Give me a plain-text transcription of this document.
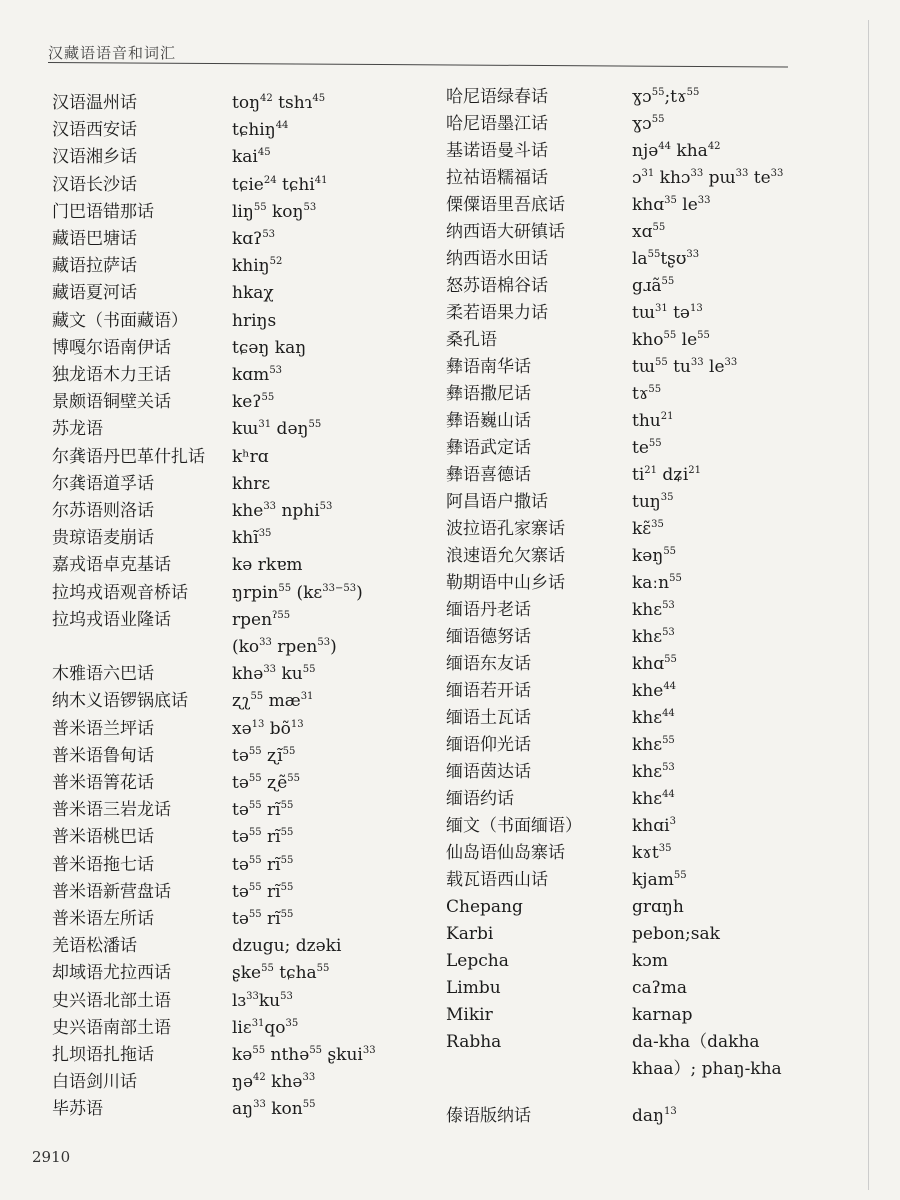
汉藏语语音和词汇
汉语温州话	toŋ$^{42}$ tshɿ$^{45}$
汉语西安话	tɕhiŋ$^{44}$
汉语湘乡话	kai$^{45}$
汉语长沙话	tɕie$^{24}$ tɕhi$^{41}$
门巴语错那话	liŋ$^{55}$ koŋ$^{53}$
藏语巴塘话	kɑʔ$^{53}$
藏语拉萨话	khiŋ$^{52}$
藏语夏河话	hkaχ
藏文（书面藏语）	hriŋs
博嘎尔语南伊话	tɕəŋ kaŋ
独龙语木力王话	kɑm$^{53}$
景颇语铜壁关话	keʔ$^{55}$
苏龙语	kɯ$^{31}$ dəŋ$^{55}$
尔龚语丹巴革什扎话 kʰrɑ
尔龚语道孚话	khrɛ
尔苏语则洛话	khe$^{33}$ nphi$^{53}$
贵琼语麦崩话	khĩ$^{35}$
嘉戎语卓克基话	kə rkɐm
拉坞戎语观音桥话	ŋrpin$^{55}$ (kɛ$^{33-53}$)
拉坞戎语业隆话	rpen$^{ʔ55}$
($ko^{33}$ rpen$^{53}$)
木雅语六巴话	khə$^{33}$ $ku^{55}$
纳木义语锣锅底话	ʐʅ$^{55}$ $mæ^{31}$
普米语兰坪话	xə$^{13}$ $bõ^{13}$
普米语鲁甸话	tə$^{55}$ ʐĩ$^{55}$
普米语箐花话	tə$^{55}$ ʐẽ$^{55}$
普米语三岩龙话	tə$^{55}$ $rĩ^{55}$
普米语桃巴话	tə$^{55}$ $rĩ^{55}$
普米语拖七话	tə$^{55}$ $rĩ^{55}$
普米语新营盘话	tə$^{55}$ $rĩ^{55}$
普米语左所话	tə$^{55}$ $rĩ^{55}$
羌语松潘话	dzugu; dzəki
却域语尤拉西话	ʂke$^{55}$ tɕha$^{55}$
史兴语北部土语	$lɜ^{33}ku^{53}$
史兴语南部土语	$liɛ^{31}qo^{35}$
扎坝语扎拖话	kə$^{55}$ nthə$^{55}$ ʂkui$^{33}$
白语剑川话	ŋə$^{42}$ khə$^{33}$
毕苏语	$aŋ^{33}$ kon$^{55}$
哈尼语绿春话	ɣɔ$^{55}$;tɤ$^{55}$
哈尼语墨江话	ɣɔ$^{55}$
基诺语曼斗话	njə$^{44}$ kha$^{42}$
拉祜语糯福话	ɔ$^{31}$ khɔ$^{33}$ pɯ$^{33}$ $te^{33}$
傈僳语里吾底话	khɑ$^{35}$ $le^{33}$
纳西语大研镇话	xɑ$^{55}$
纳西语水田话	$la^{55}tʂʊ^{33}$
怒苏语棉谷话	gɹã$^{55}$
柔若语果力话	tɯ$^{31}$ tə$^{13}$
桑孔语	kho$^{55}$ $le^{55}$
彝语南华话	tɯ$^{55}$ $tu^{33}$ $le^{33}$
彝语撒尼话	tɤ$^{55}$
彝语巍山话	thu$^{21}$
彝语武定话	$te^{55}$
彝语喜德话	$ti^{21}$ dʑi$^{21}$
阿昌语户撒话	tuŋ$^{35}$
波拉语孔家寨话	kɛ̃$^{35}$
浪速语允欠寨话	kəŋ$^{55}$
勒期语中山乡话	kaːn$^{55}$
缅语丹老话	khɛ$^{53}$
缅语德努话	khɛ$^{53}$
缅语东友话	khɑ$^{55}$
缅语若开话	khe$^{44}$
缅语土瓦话	khɛ$^{44}$
缅语仰光话	khɛ$^{55}$
缅语茵达话	khɛ$^{53}$
缅语约话	khɛ$^{44}$
缅文（书面缅语）	khɑi$^3$
仙岛语仙岛寨话	kɤt$^{35}$
载瓦语西山话	kjam$^{55}$
Chepang	grɑŋh
Karbi	pebon;sak
Lepcha	kɔm
Limbu	caʔma
Mikir	karnap
Rabha	da-kha（dakha
khaa）; phaŋ-kha
傣语版纳话	daŋ$^{13}$
2910
